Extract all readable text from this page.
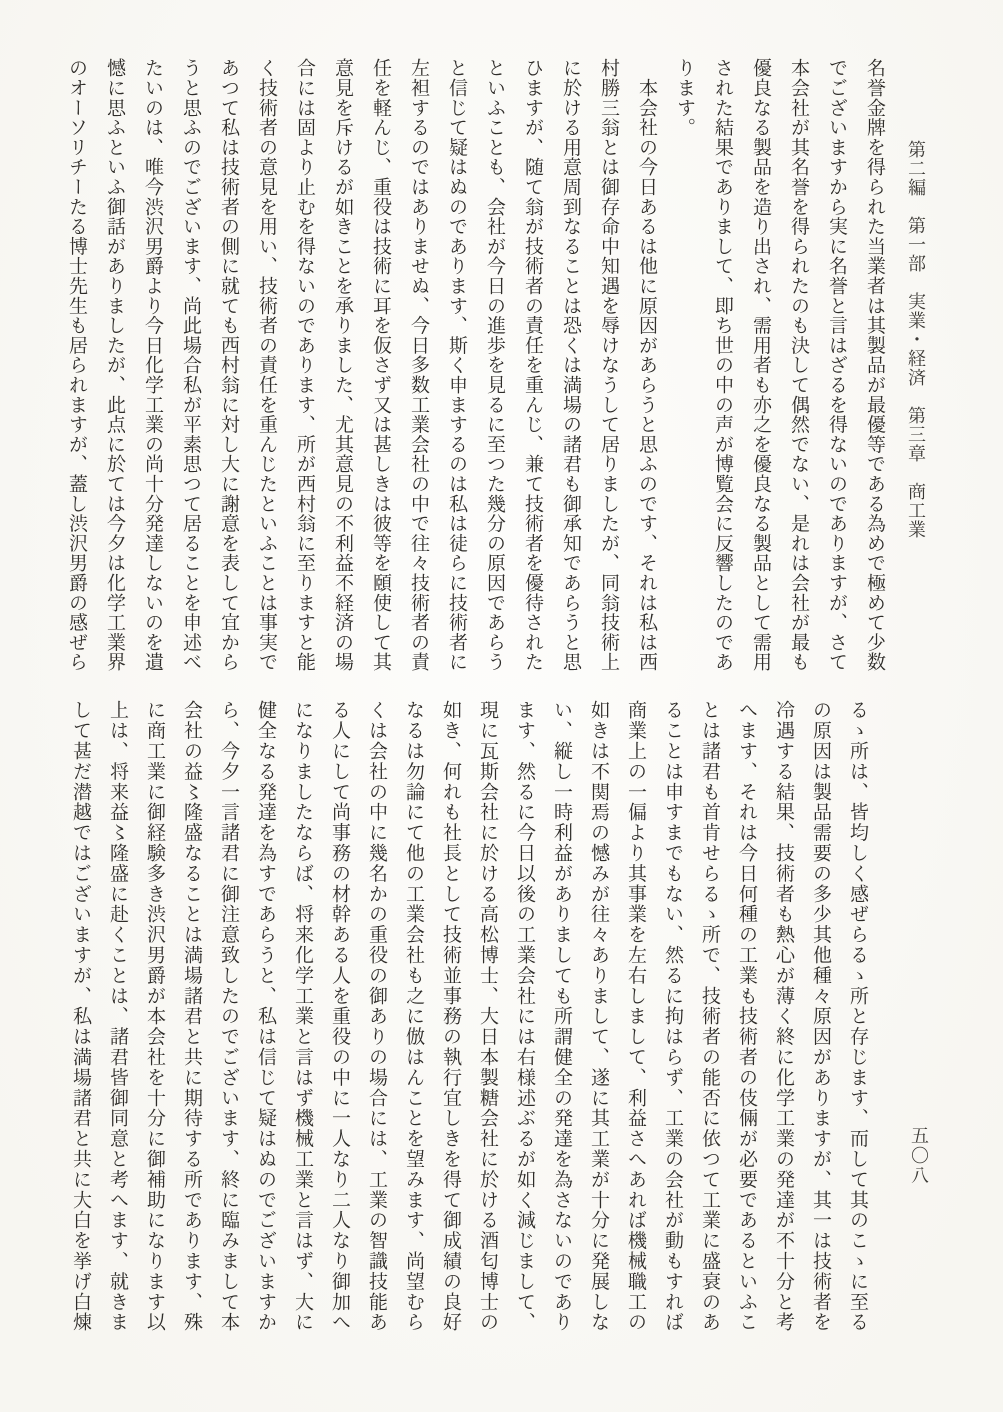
第二編　第一部　実業・経済　第三章　商工業
五〇八
名誉金牌を得られた当業者は其製品が最優等である為めで極めて少数
でございますから実に名誉と言はざるを得ないのでありますが、さて
本会社が其名誉を得られたのも決して偶然でない、是れは会社が最も
優良なる製品を造り出され、需用者も亦之を優良なる製品として需用
された結果でありまして、即ち世の中の声が博覧会に反響したのであ
ります。
　本会社の今日あるは他に原因があらうと思ふのです、それは私は西
村勝三翁とは御存命中知遇を辱けなうして居りましたが、同翁技術上
に於ける用意周到なることは恐くは満場の諸君も御承知であらうと思
ひますが、随て翁が技術者の責任を重んじ、兼て技術者を優待された
といふことも、会社が今日の進歩を見るに至つた幾分の原因であらう
と信じて疑はぬのであります、斯く申まするのは私は徒らに技術者に
左袒するのではありませぬ、今日多数工業会社の中で往々技術者の責
任を軽んじ、重役は技術に耳を仮さず又は甚しきは彼等を頤使して其
意見を斥けるが如きことを承りました、尤其意見の不利益不経済の場
合には固より止むを得ないのであります、所が西村翁に至りますと能
く技術者の意見を用い、技術者の責任を重んじたといふことは事実で
あつて私は技術者の側に就ても西村翁に対し大に謝意を表して宜から
うと思ふのでございます、尚此場合私が平素思つて居ることを申述べ
たいのは、唯今渋沢男爵より今日化学工業の尚十分発達しないのを遺
憾に思ふといふ御話がありましたが、此点に於ては今夕は化学工業界
のオーソリチーたる博士先生も居られますが、蓋し渋沢男爵の感ぜら
るゝ所は、皆均しく感ぜらるゝ所と存じます、而して其のこゝに至る
の原因は製品需要の多少其他種々原因がありますが、其一は技術者を
冷遇する結果、技術者も熱心が薄く終に化学工業の発達が不十分と考
へます、それは今日何種の工業も技術者の伎倆が必要であるといふこ
とは諸君も首肯せらるゝ所で、技術者の能否に依つて工業に盛衰のあ
ることは申すまでもない、然るに拘はらず、工業の会社が動もすれば
商業上の一偏より其事業を左右しまして、利益さへあれば機械職工の
如きは不関焉の憾みが往々ありまして、遂に其工業が十分に発展しな
い、縦し一時利益がありましても所謂健全の発達を為さないのであり
ます、然るに今日以後の工業会社には右様述ぶるが如く減じまして、
現に瓦斯会社に於ける高松博士、大日本製糖会社に於ける酒匂博士の
如き、何れも社長として技術並事務の執行宜しきを得て御成績の良好
なるは勿論にて他の工業会社も之に倣はんことを望みます、尚望むら
くは会社の中に幾名かの重役の御ありの場合には、工業の智識技能あ
る人にして尚事務の材幹ある人を重役の中に一人なり二人なり御加へ
になりましたならば、将来化学工業と言はず機械工業と言はず、大に
健全なる発達を為すであらうと、私は信じて疑はぬのでございますか
ら、今夕一言諸君に御注意致したのでございます、終に臨みまして本
会社の益〻隆盛なることは満場諸君と共に期待する所であります、殊
に商工業に御経験多き渋沢男爵が本会社を十分に御補助になります以
上は、将来益〻隆盛に赴くことは、諸君皆御同意と考へます、就きま
して甚だ潜越ではございますが、私は満場諸君と共に大白を挙げ白煉
